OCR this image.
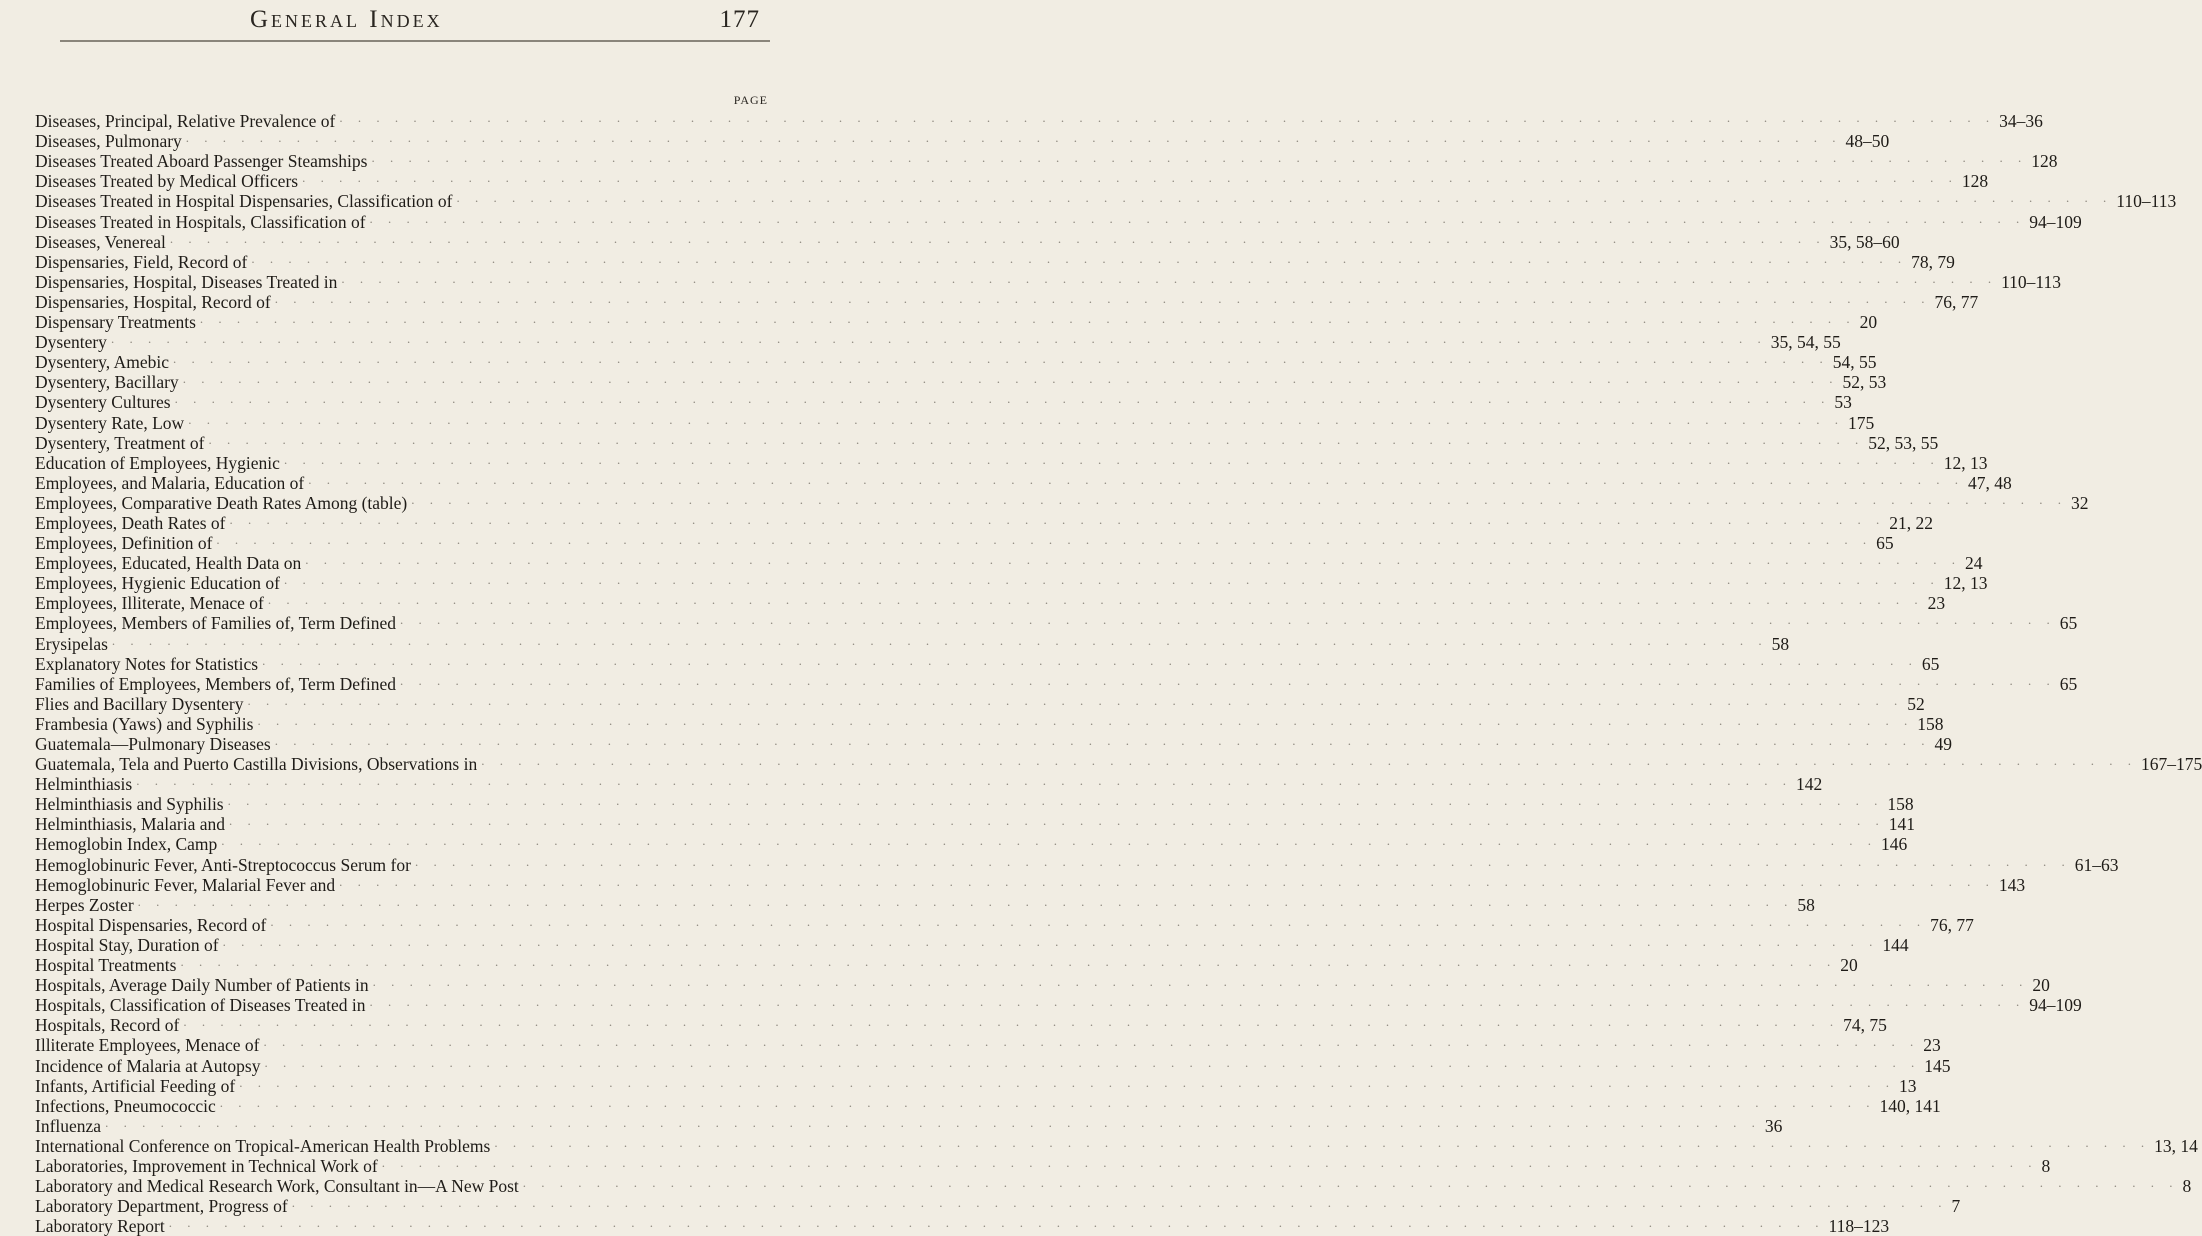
General Index	177
PAGE
Diseases, Principal, Relative Prevalence of . . .	34–36
Diseases, Pulmonary . . .	48–50
Diseases Treated Aboard Passenger Steamships . . .	128
Diseases Treated by Medical Officers . . .	128
Diseases Treated in Hospital Dispensaries, Classification of . . .	110–113
Diseases Treated in Hospitals, Classification of . . .	94–109
Diseases, Venereal . . .	35, 58–60
Dispensaries, Field, Record of . . .	78, 79
Dispensaries, Hospital, Diseases Treated in . . .	110–113
Dispensaries, Hospital, Record of . . .	76, 77
Dispensary Treatments . . .	20
Dysentery . . .	35, 54, 55
Dysentery, Amebic . . .	54, 55
Dysentery, Bacillary . . .	52, 53
Dysentery Cultures . . .	53
Dysentery Rate, Low . . .	175
Dysentery, Treatment of . . .	52, 53, 55
Education of Employees, Hygienic . . .	12, 13
Employees, and Malaria, Education of . . .	47, 48
Employees, Comparative Death Rates Among (table) . . .	32
Employees, Death Rates of . . .	21, 22
Employees, Definition of . . .	65
Employees, Educated, Health Data on . . .	24
Employees, Hygienic Education of . . .	12, 13
Employees, Illiterate, Menace of . . .	23
Employees, Members of Families of, Term Defined . . .	65
Erysipelas . . .	58
Explanatory Notes for Statistics . . .	65
Families of Employees, Members of, Term Defined . . .	65
Flies and Bacillary Dysentery . . .	52
Frambesia (Yaws) and Syphilis . . .	158
Guatemala—Pulmonary Diseases . . .	49
Guatemala, Tela and Puerto Castilla Divisions, Observations in . . .	167–175
Helminthiasis . . .	142
Helminthiasis and Syphilis . . .	158
Helminthiasis, Malaria and . . .	141
Hemoglobin Index, Camp . . .	146
Hemoglobinuric Fever, Anti-Streptococcus Serum for . . .	61–63
Hemoglobinuric Fever, Malarial Fever and . . .	143
Herpes Zoster . . .	58
Hospital Dispensaries, Record of . . .	76, 77
Hospital Stay, Duration of . . .	144
Hospital Treatments . . .	20
Hospitals, Average Daily Number of Patients in . . .	20
Hospitals, Classification of Diseases Treated in . . .	94–109
Hospitals, Record of . . .	74, 75
Illiterate Employees, Menace of . . .	23
Incidence of Malaria at Autopsy . . .	145
Infants, Artificial Feeding of . . .	13
Infections, Pneumococcic . . .	140, 141
Influenza . . .	36
International Conference on Tropical-American Health Problems . . .	13, 14
Laboratories, Improvement in Technical Work of . . .	8
Laboratory and Medical Research Work, Consultant in—A New Post . . .	8
Laboratory Department, Progress of . . .	7
Laboratory Report . . .	118–123
